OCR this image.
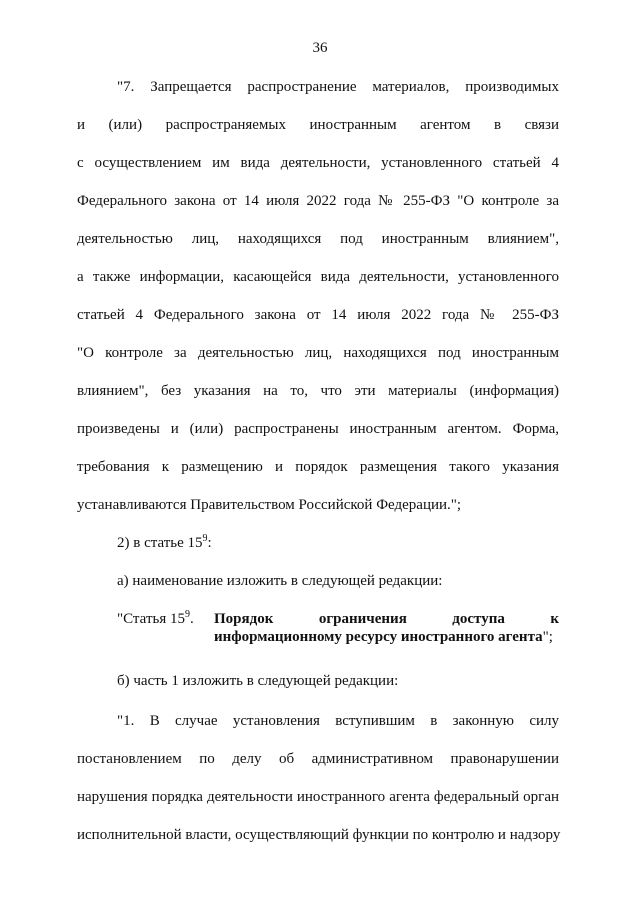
36
"7. Запрещается распространение материалов, производимых
и (или) распространяемых иностранным агентом в связи
с осуществлением им вида деятельности, установленного статьей 4
Федерального закона от 14 июля 2022 года № 255-ФЗ "О контроле за
деятельностью лиц, находящихся под иностранным влиянием",
а также информации, касающейся вида деятельности, установленного
статьей 4 Федерального закона от 14 июля 2022 года № 255-ФЗ
"О контроле за деятельностью лиц, находящихся под иностранным
влиянием", без указания на то, что эти материалы (информация)
произведены и (или) распространены иностранным агентом. Форма,
требования к размещению и порядок размещения такого указания
устанавливаются Правительством Российской Федерации.";
2) в статье $15^9$:
а) наименование изложить в следующей редакции:
"Статья $15^9$. Порядок ограничения доступа к
информационному ресурсу иностранного агента";
б) часть 1 изложить в следующей редакции:
"1. В случае установления вступившим в законную силу
постановлением по делу об административном правонарушении
нарушения порядка деятельности иностранного агента федеральный орган
исполнительной власти, осуществляющий функции по контролю и надзору
